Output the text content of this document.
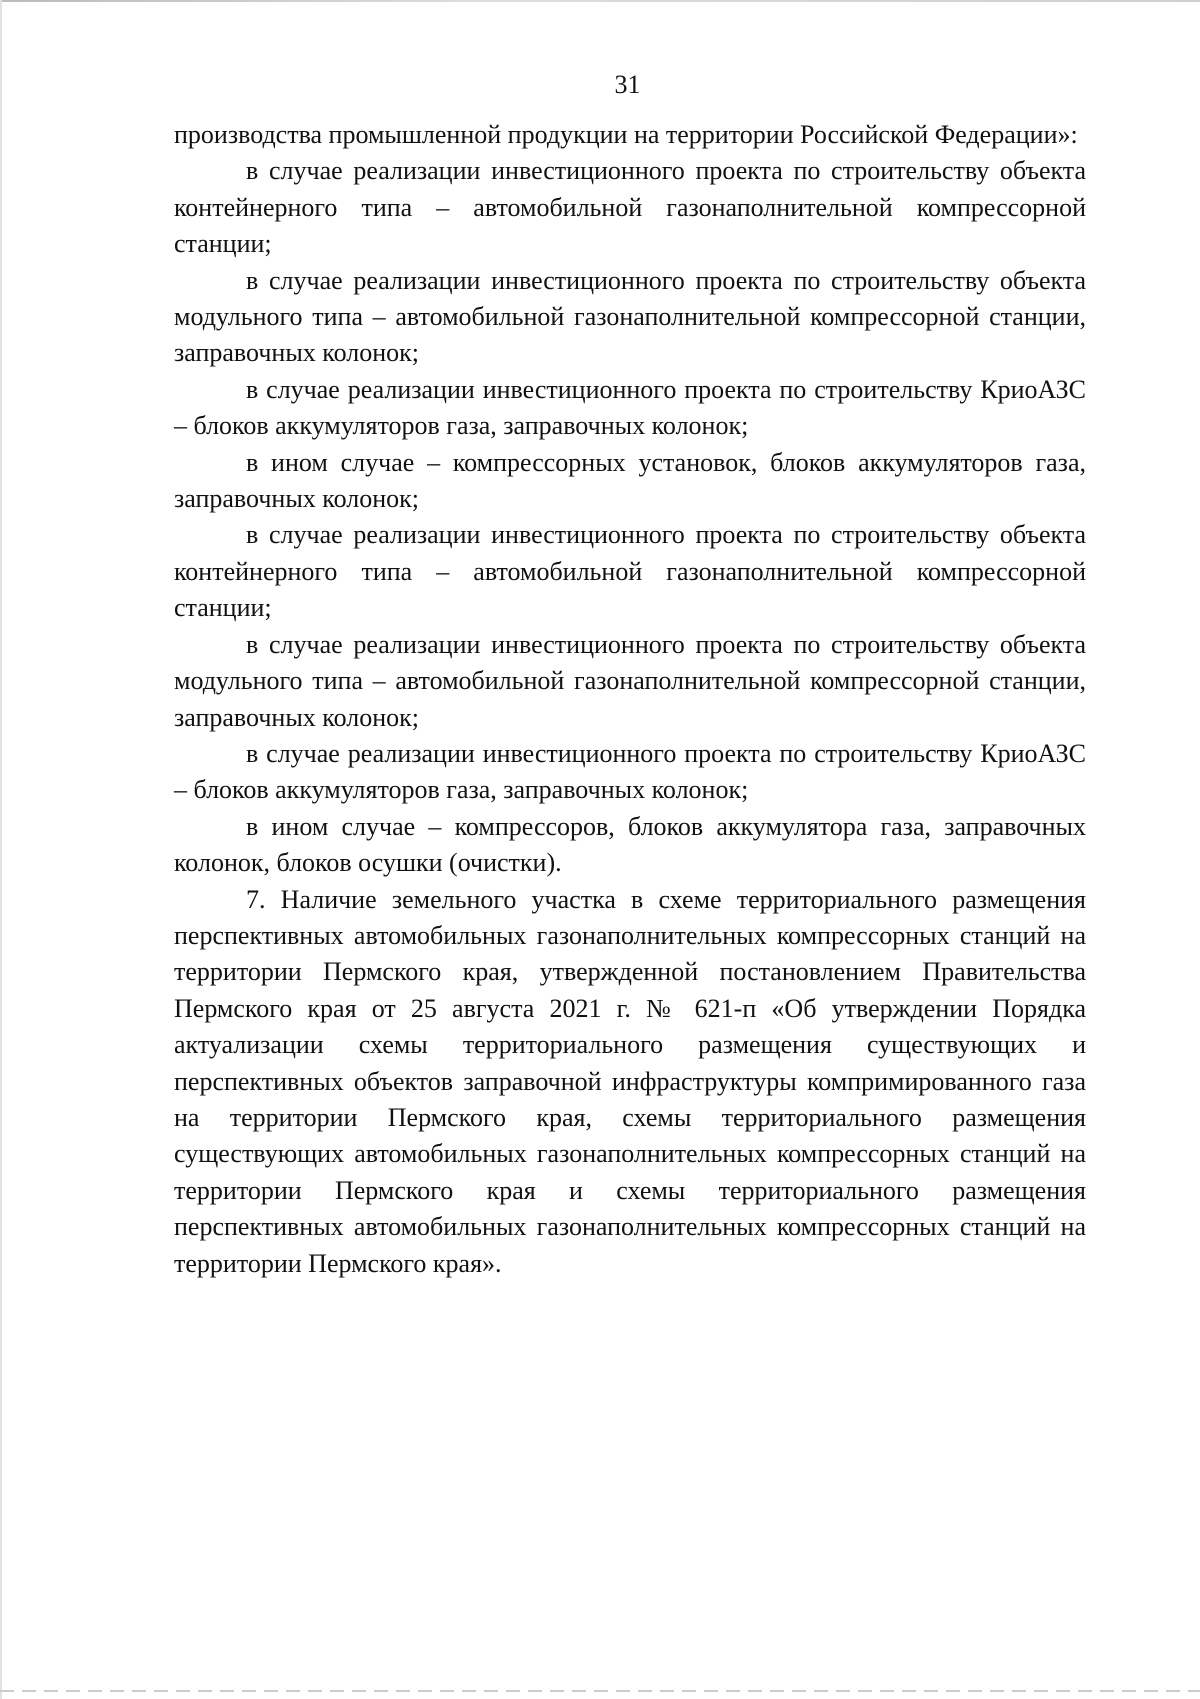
31

производства промышленной продукции на территории Российской Федерации»:

в случае реализации инвестиционного проекта по строительству объекта контейнерного типа – автомобильной газонаполнительной компрессорной станции;

в случае реализации инвестиционного проекта по строительству объекта модульного типа – автомобильной газонаполнительной компрессорной станции, заправочных колонок;

в случае реализации инвестиционного проекта по строительству КриоАЗС – блоков аккумуляторов газа, заправочных колонок;

в ином случае – компрессорных установок, блоков аккумуляторов газа, заправочных колонок;

в случае реализации инвестиционного проекта по строительству объекта контейнерного типа – автомобильной газонаполнительной компрессорной станции;

в случае реализации инвестиционного проекта по строительству объекта модульного типа – автомобильной газонаполнительной компрессорной станции, заправочных колонок;

в случае реализации инвестиционного проекта по строительству КриоАЗС – блоков аккумуляторов газа, заправочных колонок;

в ином случае – компрессоров, блоков аккумулятора газа, заправочных колонок, блоков осушки (очистки).

7. Наличие земельного участка в схеме территориального размещения перспективных автомобильных газонаполнительных компрессорных станций на территории Пермского края, утвержденной постановлением Правительства Пермского края от 25 августа 2021 г. № 621-п «Об утверждении Порядка актуализации схемы территориального размещения существующих и перспективных объектов заправочной инфраструктуры компримированного газа на территории Пермского края, схемы территориального размещения существующих автомобильных газонаполнительных компрессорных станций на территории Пермского края и схемы территориального размещения перспективных автомобильных газонаполнительных компрессорных станций на территории Пермского края».
